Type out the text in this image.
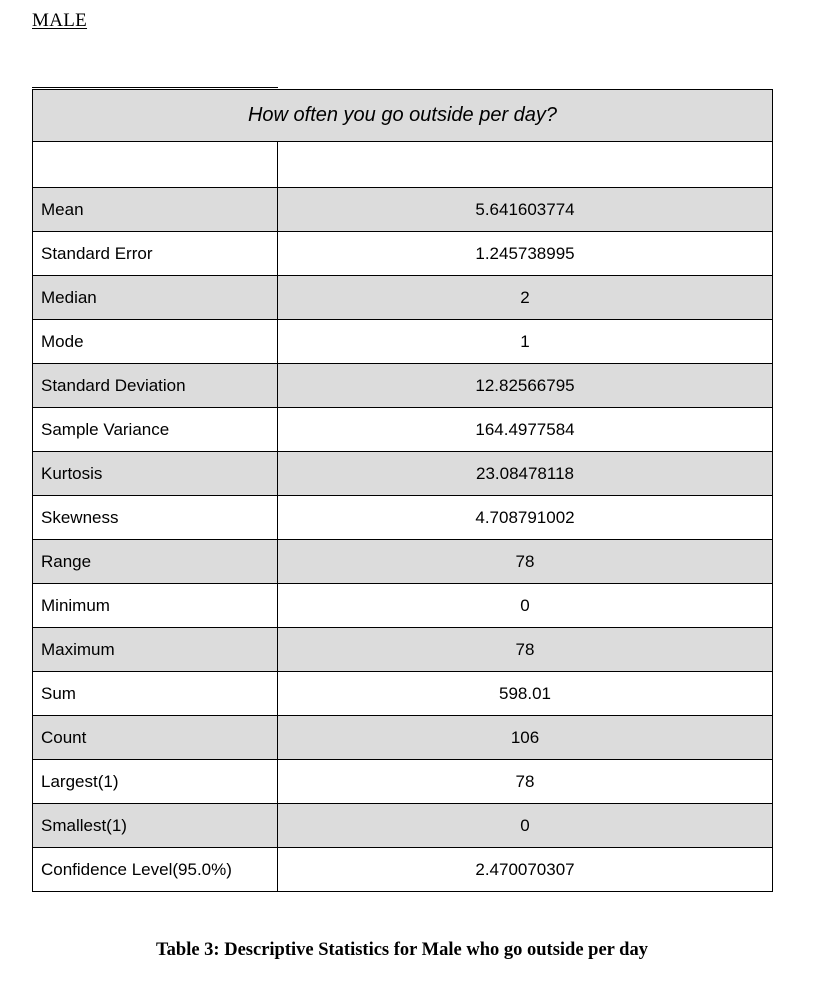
MALE
How often you go outside per day?	

Mean	5.641603774
Standard Error	1.245738995
Median	2
Mode	1
Standard Deviation	12.82566795
Sample Variance	164.4977584
Kurtosis	23.08478118
Skewness	4.708791002
Range	78
Minimum	0
Maximum	78
Sum	598.01
Count	106
Largest(1)	78
Smallest(1)	0
Confidence Level(95.0%)	2.470070307
Table 3: Descriptive Statistics for Male who go outside per day
